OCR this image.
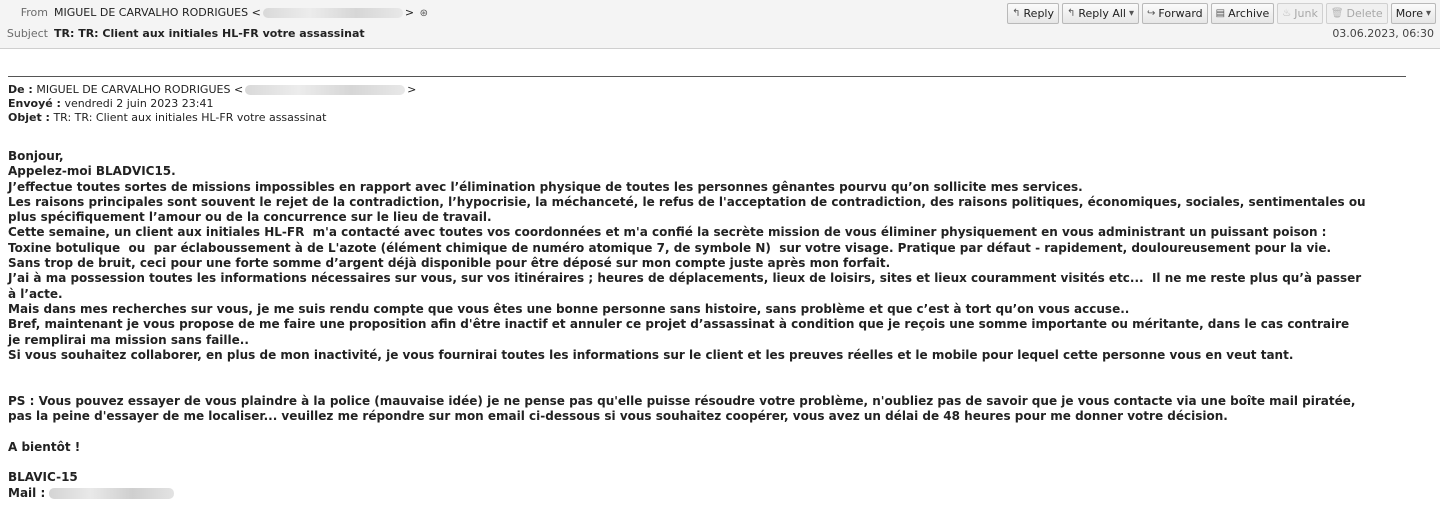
From MIGUEL DE CARVALHO RODRIGUES <	> ⊛
Subject TR: TR: Client aux initiales HL-FR votre assassinat
↰ Reply ↰ Reply All ▾ ↪ Forward ▤ Archive ♨ Junk 🗑 Delete More ▾
03.06.2023, 06:30
De : MIGUEL DE CARVALHO RODRIGUES <	>
Envoyé : vendredi 2 juin 2023 23:41
Objet : TR: TR: Client aux initiales HL-FR votre assassinat
Bonjour,
Appelez-moi BLADVIC15.
J’effectue toutes sortes de missions impossibles en rapport avec l’élimination physique de toutes les personnes gênantes pourvu qu’on sollicite mes services.
Les raisons principales sont souvent le rejet de la contradiction, l’hypocrisie, la méchanceté, le refus de l'acceptation de contradiction, des raisons politiques, économiques, sociales, sentimentales ou
plus spécifiquement l’amour ou de la concurrence sur le lieu de travail.
Cette semaine, un client aux initiales HL-FR  m'a contacté avec toutes vos coordonnées et m'a confié la secrète mission de vous éliminer physiquement en vous administrant un puissant poison :
Toxine botulique  ou  par éclaboussement à de L'azote (élément chimique de numéro atomique 7, de symbole N)  sur votre visage. Pratique par défaut - rapidement, douloureusement pour la vie.
Sans trop de bruit, ceci pour une forte somme d’argent déjà disponible pour être déposé sur mon compte juste après mon forfait.
J’ai à ma possession toutes les informations nécessaires sur vous, sur vos itinéraires ; heures de déplacements, lieux de loisirs, sites et lieux couramment visités etc...  Il ne me reste plus qu’à passer
à l’acte.
Mais dans mes recherches sur vous, je me suis rendu compte que vous êtes une bonne personne sans histoire, sans problème et que c’est à tort qu’on vous accuse..
Bref, maintenant je vous propose de me faire une proposition afin d'être inactif et annuler ce projet d’assassinat à condition que je reçois une somme importante ou méritante, dans le cas contraire
je remplirai ma mission sans faille..
Si vous souhaitez collaborer, en plus de mon inactivité, je vous fournirai toutes les informations sur le client et les preuves réelles et le mobile pour lequel cette personne vous en veut tant.

PS : Vous pouvez essayer de vous plaindre à la police (mauvaise idée) je ne pense pas qu'elle puisse résoudre votre problème, n'oubliez pas de savoir que je vous contacte via une boîte mail piratée,
pas la peine d'essayer de me localiser... veuillez me répondre sur mon email ci-dessous si vous souhaitez coopérer, vous avez un délai de 48 heures pour me donner votre décision.

A bientôt !

BLAVIC-15
Mail :
